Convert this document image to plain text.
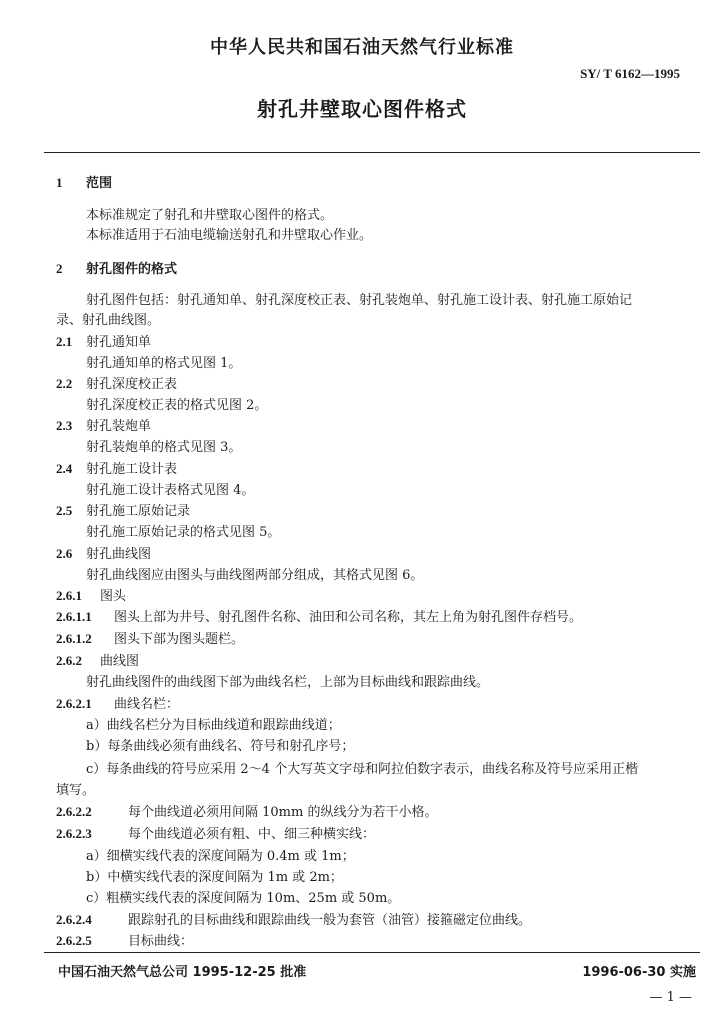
中华人民共和国石油天然气行业标准
SY/ T 6162—1995
射孔井壁取心图件格式
1 范围
本标准规定了射孔和井壁取心图件的格式。
本标准适用于石油电缆输送射孔和井壁取心作业。
2 射孔图件的格式
射孔图件包括：射孔通知单、射孔深度校正表、射孔装炮单、射孔施工设计表、射孔施工原始记
录、射孔曲线图。
2.1 射孔通知单
射孔通知单的格式见图 1。
2.2 射孔深度校正表
射孔深度校正表的格式见图 2。
2.3 射孔装炮单
射孔装炮单的格式见图 3。
2.4 射孔施工设计表
射孔施工设计表格式见图 4。
2.5 射孔施工原始记录
射孔施工原始记录的格式见图 5。
2.6 射孔曲线图
射孔曲线图应由图头与曲线图两部分组成，其格式见图 6。
2.6.1 图头
2.6.1.1 图头上部为井号、射孔图件名称、油田和公司名称，其左上角为射孔图件存档号。
2.6.1.2 图头下部为图头题栏。
2.6.2 曲线图
射孔曲线图件的曲线图下部为曲线名栏，上部为目标曲线和跟踪曲线。
2.6.2.1 曲线名栏：
a）曲线名栏分为目标曲线道和跟踪曲线道；
b）每条曲线必须有曲线名、符号和射孔序号；
c）每条曲线的符号应采用 2～4 个大写英文字母和阿拉伯数字表示，曲线名称及符号应采用正楷
填写。
2.6.2.2	每个曲线道必须用间隔 10mm 的纵线分为若干小格。
2.6.2.3	每个曲线道必须有粗、中、细三种横实线：
a）细横实线代表的深度间隔为 0.4m 或 1m；
b）中横实线代表的深度间隔为 1m 或 2m；
c）粗横实线代表的深度间隔为 10m、25m 或 50m。
2.6.2.4	跟踪射孔的目标曲线和跟踪曲线一般为套管（油管）接箍磁定位曲线。
2.6.2.5	目标曲线：
中国石油天然气总公司 1995-12-25 批准	1996-06-30 实施
— 1 —
